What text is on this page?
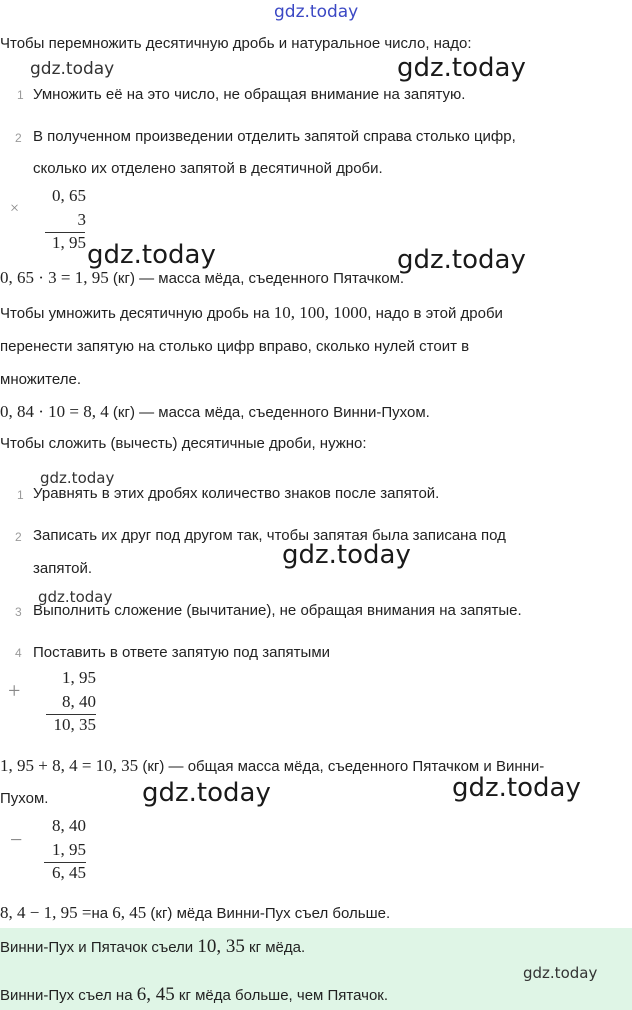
gdz.today
gdz.today	gdz.today
gdz.today	gdz.today
gdz.today
gdz.today
gdz.today
gdz.today	gdz.today
Чтобы перемножить десятичную дробь и натуральное число, надо:
1 Умножить её на это число, не обращая внимание на запятую.
2 В полученном произведении отделить запятой справа столько цифр,
сколько их отделено запятой в десятичной дроби.
×
0, 65
3
1, 95
0, 65 · 3 = 1, 95 (кг) — масса мёда, съеденного Пятачком.
Чтобы умножить десятичную дробь на 10, 100, 1000, надо в этой дроби
перенести запятую на столько цифр вправо, сколько нулей стоит в
множителе.
0, 84 · 10 = 8, 4 (кг) — масса мёда, съеденного Винни-Пухом.
Чтобы сложить (вычесть) десятичные дроби, нужно:
1 Уравнять в этих дробях количество знаков после запятой.
2 Записать их друг под другом так, чтобы запятая была записана под
запятой.
3 Выполнить сложение (вычитание), не обращая внимания на запятые.
4 Поставить в ответе запятую под запятыми
+
1, 95
8, 40
10, 35
1, 95 + 8, 4 = 10, 35 (кг) — общая масса мёда, съеденного Пятачком и Винни-
Пухом.
−
8, 40
1, 95
6, 45
8, 4 − 1, 95 =на 6, 45 (кг) мёда Винни-Пух съел больше.
Винни-Пух и Пятачок съели 10, 35 кг мёда.
gdz.today
Винни-Пух съел на 6, 45 кг мёда больше, чем Пятачок.
